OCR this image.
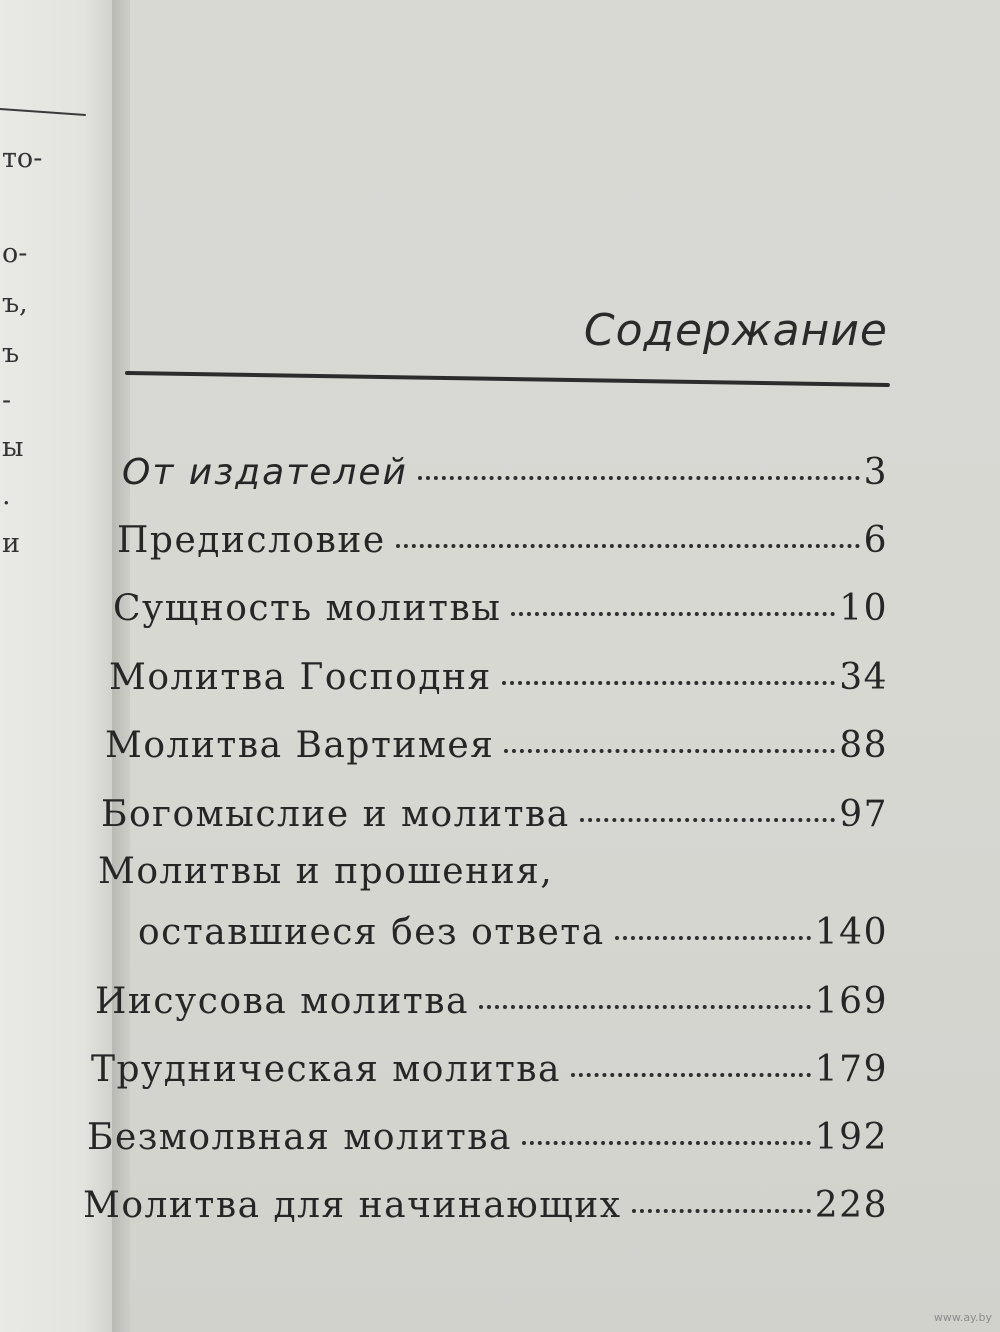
то-
о-
ъ,
ъ
-
ы
.
и
Содержание
От издателей	3
Предисловие	6
Сущность молитвы	10
Молитва Господня	34
Молитва Вартимея	88
Богомыслие и молитва	97
Молитвы и прошения,
оставшиеся без ответа	140
Иисусова молитва	169
Трудническая молитва	179
Безмолвная молитва	192
Молитва для начинающих	228
www.ay.by
